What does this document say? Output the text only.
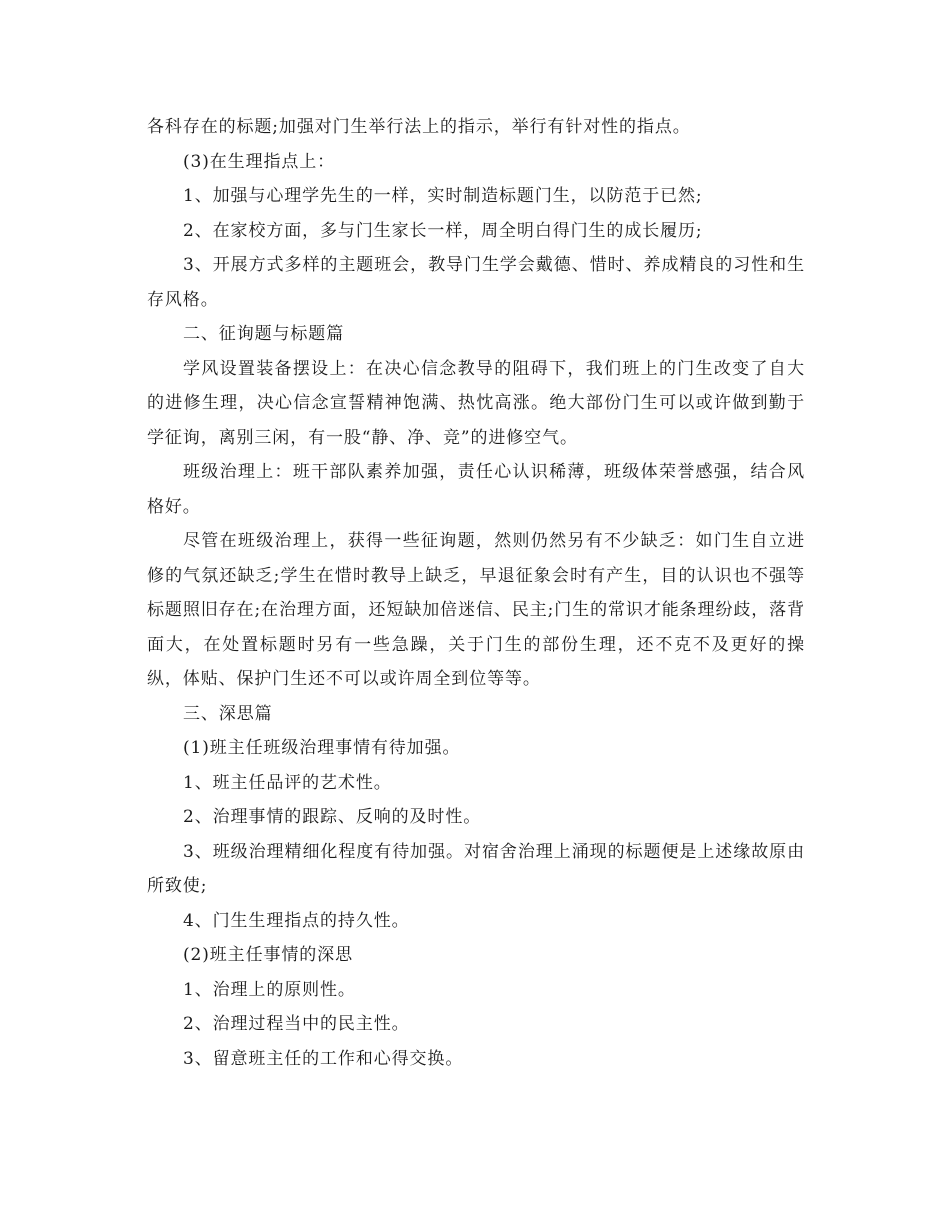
各科存在的标题;加强对门生举行法上的指示，举行有针对性的指点。

(3)在生理指点上：

1、加强与心理学先生的一样，实时制造标题门生，以防范于已然;

2、在家校方面，多与门生家长一样，周全明白得门生的成长履历;

3、开展方式多样的主题班会，教导门生学会戴德、惜时、养成精良的习性和生存风格。

二、征询题与标题篇

学风设置装备摆设上：在决心信念教导的阻碍下，我们班上的门生改变了自大的进修生理，决心信念宣誓精神饱满、热忱高涨。绝大部份门生可以或许做到勤于学征询，离别三闲，有一股“静、净、竞”的进修空气。

班级治理上：班干部队素养加强，责任心认识稀薄，班级体荣誉感强，结合风格好。

尽管在班级治理上，获得一些征询题，然则仍然另有不少缺乏：如门生自立进修的气氛还缺乏;学生在惜时教导上缺乏，早退征象会时有产生，目的认识也不强等标题照旧存在;在治理方面，还短缺加倍迷信、民主;门生的常识才能条理纷歧，落背面大，在处置标题时另有一些急躁，关于门生的部份生理，还不克不及更好的操纵，体贴、保护门生还不可以或许周全到位等等。

三、深思篇

(1)班主任班级治理事情有待加强。

1、班主任品评的艺术性。

2、治理事情的跟踪、反响的及时性。

3、班级治理精细化程度有待加强。对宿舍治理上涌现的标题便是上述缘故原由所致使;

4、门生生理指点的持久性。

(2)班主任事情的深思

1、治理上的原则性。

2、治理过程当中的民主性。

3、留意班主任的工作和心得交换。
